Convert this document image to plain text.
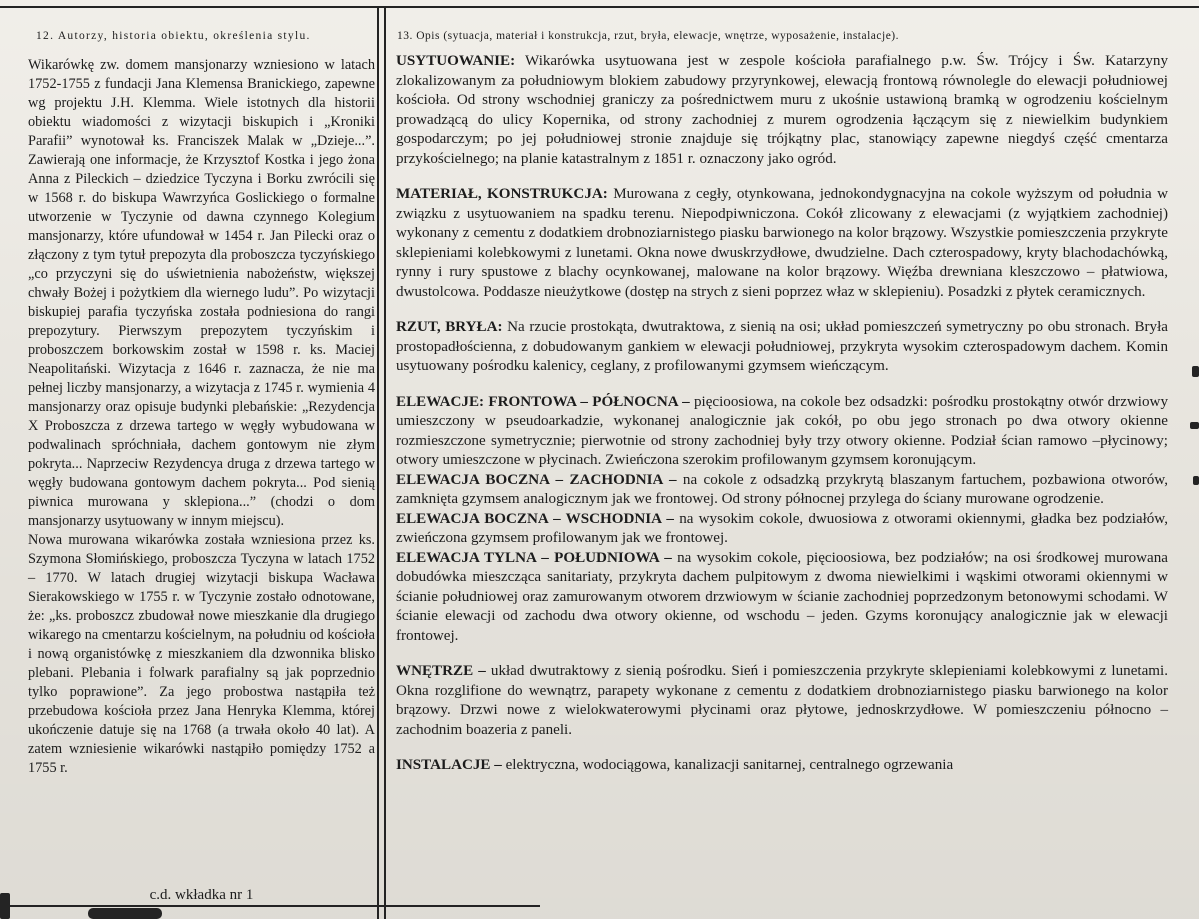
12. Autorzy, historia obiektu, określenia stylu.

Wikarówkę zw. domem mansjonarzy wzniesiono w latach 1752-1755 z fundacji Jana Klemensa Branickiego, zapewne wg projektu J.H. Klemma. Wiele istotnych dla historii obiektu wiadomości z wizytacji biskupich i „Kroniki Parafii” wynotował ks. Franciszek Malak w „Dzieje...”. Zawierają one informacje, że Krzysztof Kostka i jego żona Anna z Pileckich – dziedzice Tyczyna i Borku zwrócili się w 1568 r. do biskupa Wawrzyńca Goslickiego o formalne utworzenie w Tyczynie od dawna czynnego Kolegium mansjonarzy, które ufundował w 1454 r. Jan Pilecki oraz o złączony z tym tytuł prepozyta dla proboszcza tyczyńskiego „co przyczyni się do uświetnienia nabożeństw, większej chwały Bożej i pożytkiem dla wiernego ludu”. Po wizytacji biskupiej parafia tyczyńska została podniesiona do rangi prepozytury. Pierwszym prepozytem tyczyńskim i proboszczem borkowskim został w 1598 r. ks. Maciej Neapolitański. Wizytacja z 1646 r. zaznacza, że nie ma pełnej liczby mansjonarzy, a wizytacja z 1745 r. wymienia 4 mansjonarzy oraz opisuje budynki plebańskie: „Rezydencja X Proboszcza z drzewa tartego w węgły wybudowana w podwalinach spróchniała, dachem gontowym nie złym pokryta... Naprzeciw Rezydencya druga z drzewa tartego w węgły budowana gontowym dachem pokryta... Pod sienią piwnica murowana y sklepiona...” (chodzi o dom mansjonarzy usytuowany w innym miejscu).

Nowa murowana wikarówka została wzniesiona przez ks. Szymona Słomińskiego, proboszcza Tyczyna w latach 1752 – 1770. W latach drugiej wizytacji biskupa Wacława Sierakowskiego w 1755 r. w Tyczynie zostało odnotowane, że: „ks. proboszcz zbudował nowe mieszkanie dla drugiego wikarego na cmentarzu kościelnym, na południu od kościoła i nową organistówkę z mieszkaniem dla dzwonnika blisko plebani. Plebania i folwark parafialny są jak poprzednio tylko poprawione”. Za jego probostwa nastąpiła też przebudowa kościoła przez Jana Henryka Klemma, której ukończenie datuje się na 1768 (a trwała około 40 lat). A zatem wzniesienie wikarówki nastąpiło pomiędzy 1752 a 1755 r.

c.d. wkładka nr 1
13. Opis (sytuacja, materiał i konstrukcja, rzut, bryła, elewacje, wnętrze, wyposażenie, instalacje).

USYTUOWANIE: Wikarówka usytuowana jest w zespole kościoła parafialnego p.w. Św. Trójcy i Św. Katarzyny zlokalizowanym za południowym blokiem zabudowy przyrynkowej, elewacją frontową równolegle do elewacji południowej kościoła. Od strony wschodniej graniczy za pośrednictwem muru z ukośnie ustawioną bramką w ogrodzeniu kościelnym prowadzącą do ulicy Kopernika, od strony zachodniej z murem ogrodzenia łączącym się z niewielkim budynkiem gospodarczym; po jej południowej stronie znajduje się trójkątny plac, stanowiący zapewne niegdyś część cmentarza przykościelnego; na planie katastralnym z 1851 r. oznaczony jako ogród.

MATERIAŁ, KONSTRUKCJA: Murowana z cegły, otynkowana, jednokondygnacyjna na cokole wyższym od południa w związku z usytuowaniem na spadku terenu. Niepodpiwniczona. Cokół zlicowany z elewacjami (z wyjątkiem zachodniej) wykonany z cementu z dodatkiem drobnoziarnistego piasku barwionego na kolor brązowy. Wszystkie pomieszczenia przykryte sklepieniami kolebkowymi z lunetami. Okna nowe dwuskrzydłowe, dwudzielne. Dach czterospadowy, kryty blachodachówką, rynny i rury spustowe z blachy ocynkowanej, malowane na kolor brązowy. Więźba drewniana kleszczowo – płatwiowa, dwustolcowa. Poddasze nieużytkowe (dostęp na strych z sieni poprzez właz w sklepieniu). Posadzki z płytek ceramicznych.

RZUT, BRYŁA: Na rzucie prostokąta, dwutraktowa, z sienią na osi; układ pomieszczeń symetryczny po obu stronach. Bryła prostopadłościenna, z dobudowanym gankiem w elewacji południowej, przykryta wysokim czterospadowym dachem. Komin usytuowany pośrodku kalenicy, ceglany, z profilowanymi gzymsem wieńczącym.

ELEWACJE: FRONTOWA – PÓŁNOCNA – pięcioosiowa, na cokole bez odsadzki: pośrodku prostokątny otwór drzwiowy umieszczony w pseudoarkadzie, wykonanej analogicznie jak cokół, po obu jego stronach po dwa otwory okienne rozmieszczone symetrycznie; pierwotnie od strony zachodniej były trzy otwory okienne. Podział ścian ramowo –płycinowy; otwory umieszczone w płycinach. Zwieńczona szerokim profilowanym gzymsem koronującym.

ELEWACJA BOCZNA – ZACHODNIA – na cokole z odsadzką przykrytą blaszanym fartuchem, pozbawiona otworów, zamknięta gzymsem analogicznym jak we frontowej. Od strony północnej przylega do ściany murowane ogrodzenie.

ELEWACJA BOCZNA – WSCHODNIA – na wysokim cokole, dwuosiowa z otworami okiennymi, gładka bez podziałów, zwieńczona gzymsem profilowanym jak we frontowej.

ELEWACJA TYLNA – POŁUDNIOWA – na wysokim cokole, pięcioosiowa, bez podziałów; na osi środkowej murowana dobudówka mieszcząca sanitariaty, przykryta dachem pulpitowym z dwoma niewielkimi i wąskimi otworami okiennymi w ścianie południowej oraz zamurowanym otworem drzwiowym w ścianie zachodniej poprzedzonym betonowymi schodami. W ścianie elewacji od zachodu dwa otwory okienne, od wschodu – jeden. Gzyms koronujący analogicznie jak w elewacji frontowej.

WNĘTRZE – układ dwutraktowy z sienią pośrodku. Sień i pomieszczenia przykryte sklepieniami kolebkowymi z lunetami. Okna rozglifione do wewnątrz, parapety wykonane z cementu z dodatkiem drobnoziarnistego piasku barwionego na kolor brązowy. Drzwi nowe z wielokwaterowymi płycinami oraz płytowe, jednoskrzydłowe. W pomieszczeniu północno – zachodnim boazeria z paneli.

INSTALACJE – elektryczna, wodociągowa, kanalizacji sanitarnej, centralnego ogrzewania
